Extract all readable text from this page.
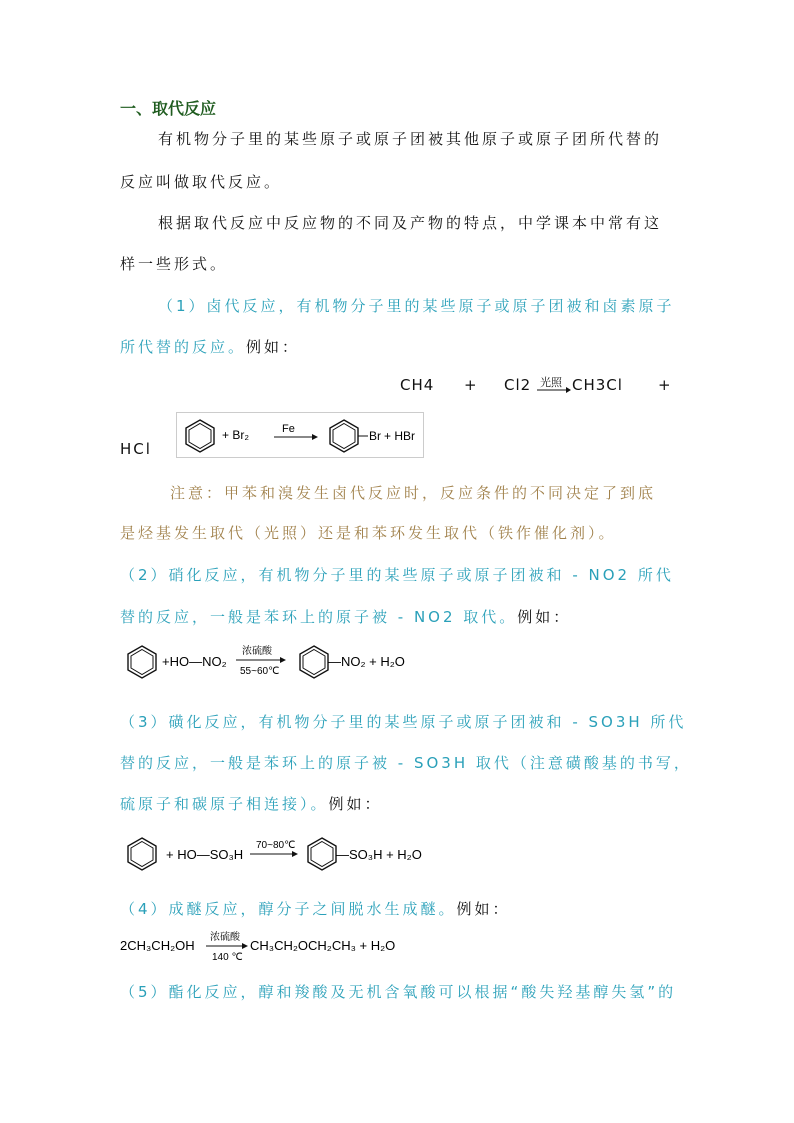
一、取代反应
有机物分子里的某些原子或原子团被其他原子或原子团所代替的
反应叫做取代反应。
根据取代反应中反应物的不同及产物的特点，中学课本中常有这
样一些形式。
（1）卤代反应，有机物分子里的某些原子或原子团被和卤素原子
所代替的反应。例如：
CH4 + Cl2 光照 CH3Cl +
HCl
+ Br₂	Fe	Br + HBr
注意：甲苯和溴发生卤代反应时，反应条件的不同决定了到底
是烃基发生取代（光照）还是和苯环发生取代（铁作催化剂）。
（2）硝化反应，有机物分子里的某些原子或原子团被和 - NO2 所代
替的反应，一般是苯环上的原子被 - NO2 取代。例如：
+HO—NO₂
浓硫酸
55~60℃
—NO₂ + H₂O
（3）磺化反应，有机物分子里的某些原子或原子团被和 - SO3H 所代
替的反应，一般是苯环上的原子被 - SO3H 取代（注意磺酸基的书写，
硫原子和碳原子相连接）。例如：
+ HO—SO₃H
70~80℃
—SO₃H + H₂O
（4）成醚反应，醇分子之间脱水生成醚。例如：
2CH₃CH₂OH
浓硫酸
140 ℃
CH₃CH₂OCH₂CH₃ + H₂O
（5）酯化反应，醇和羧酸及无机含氧酸可以根据“酸失羟基醇失氢”的
